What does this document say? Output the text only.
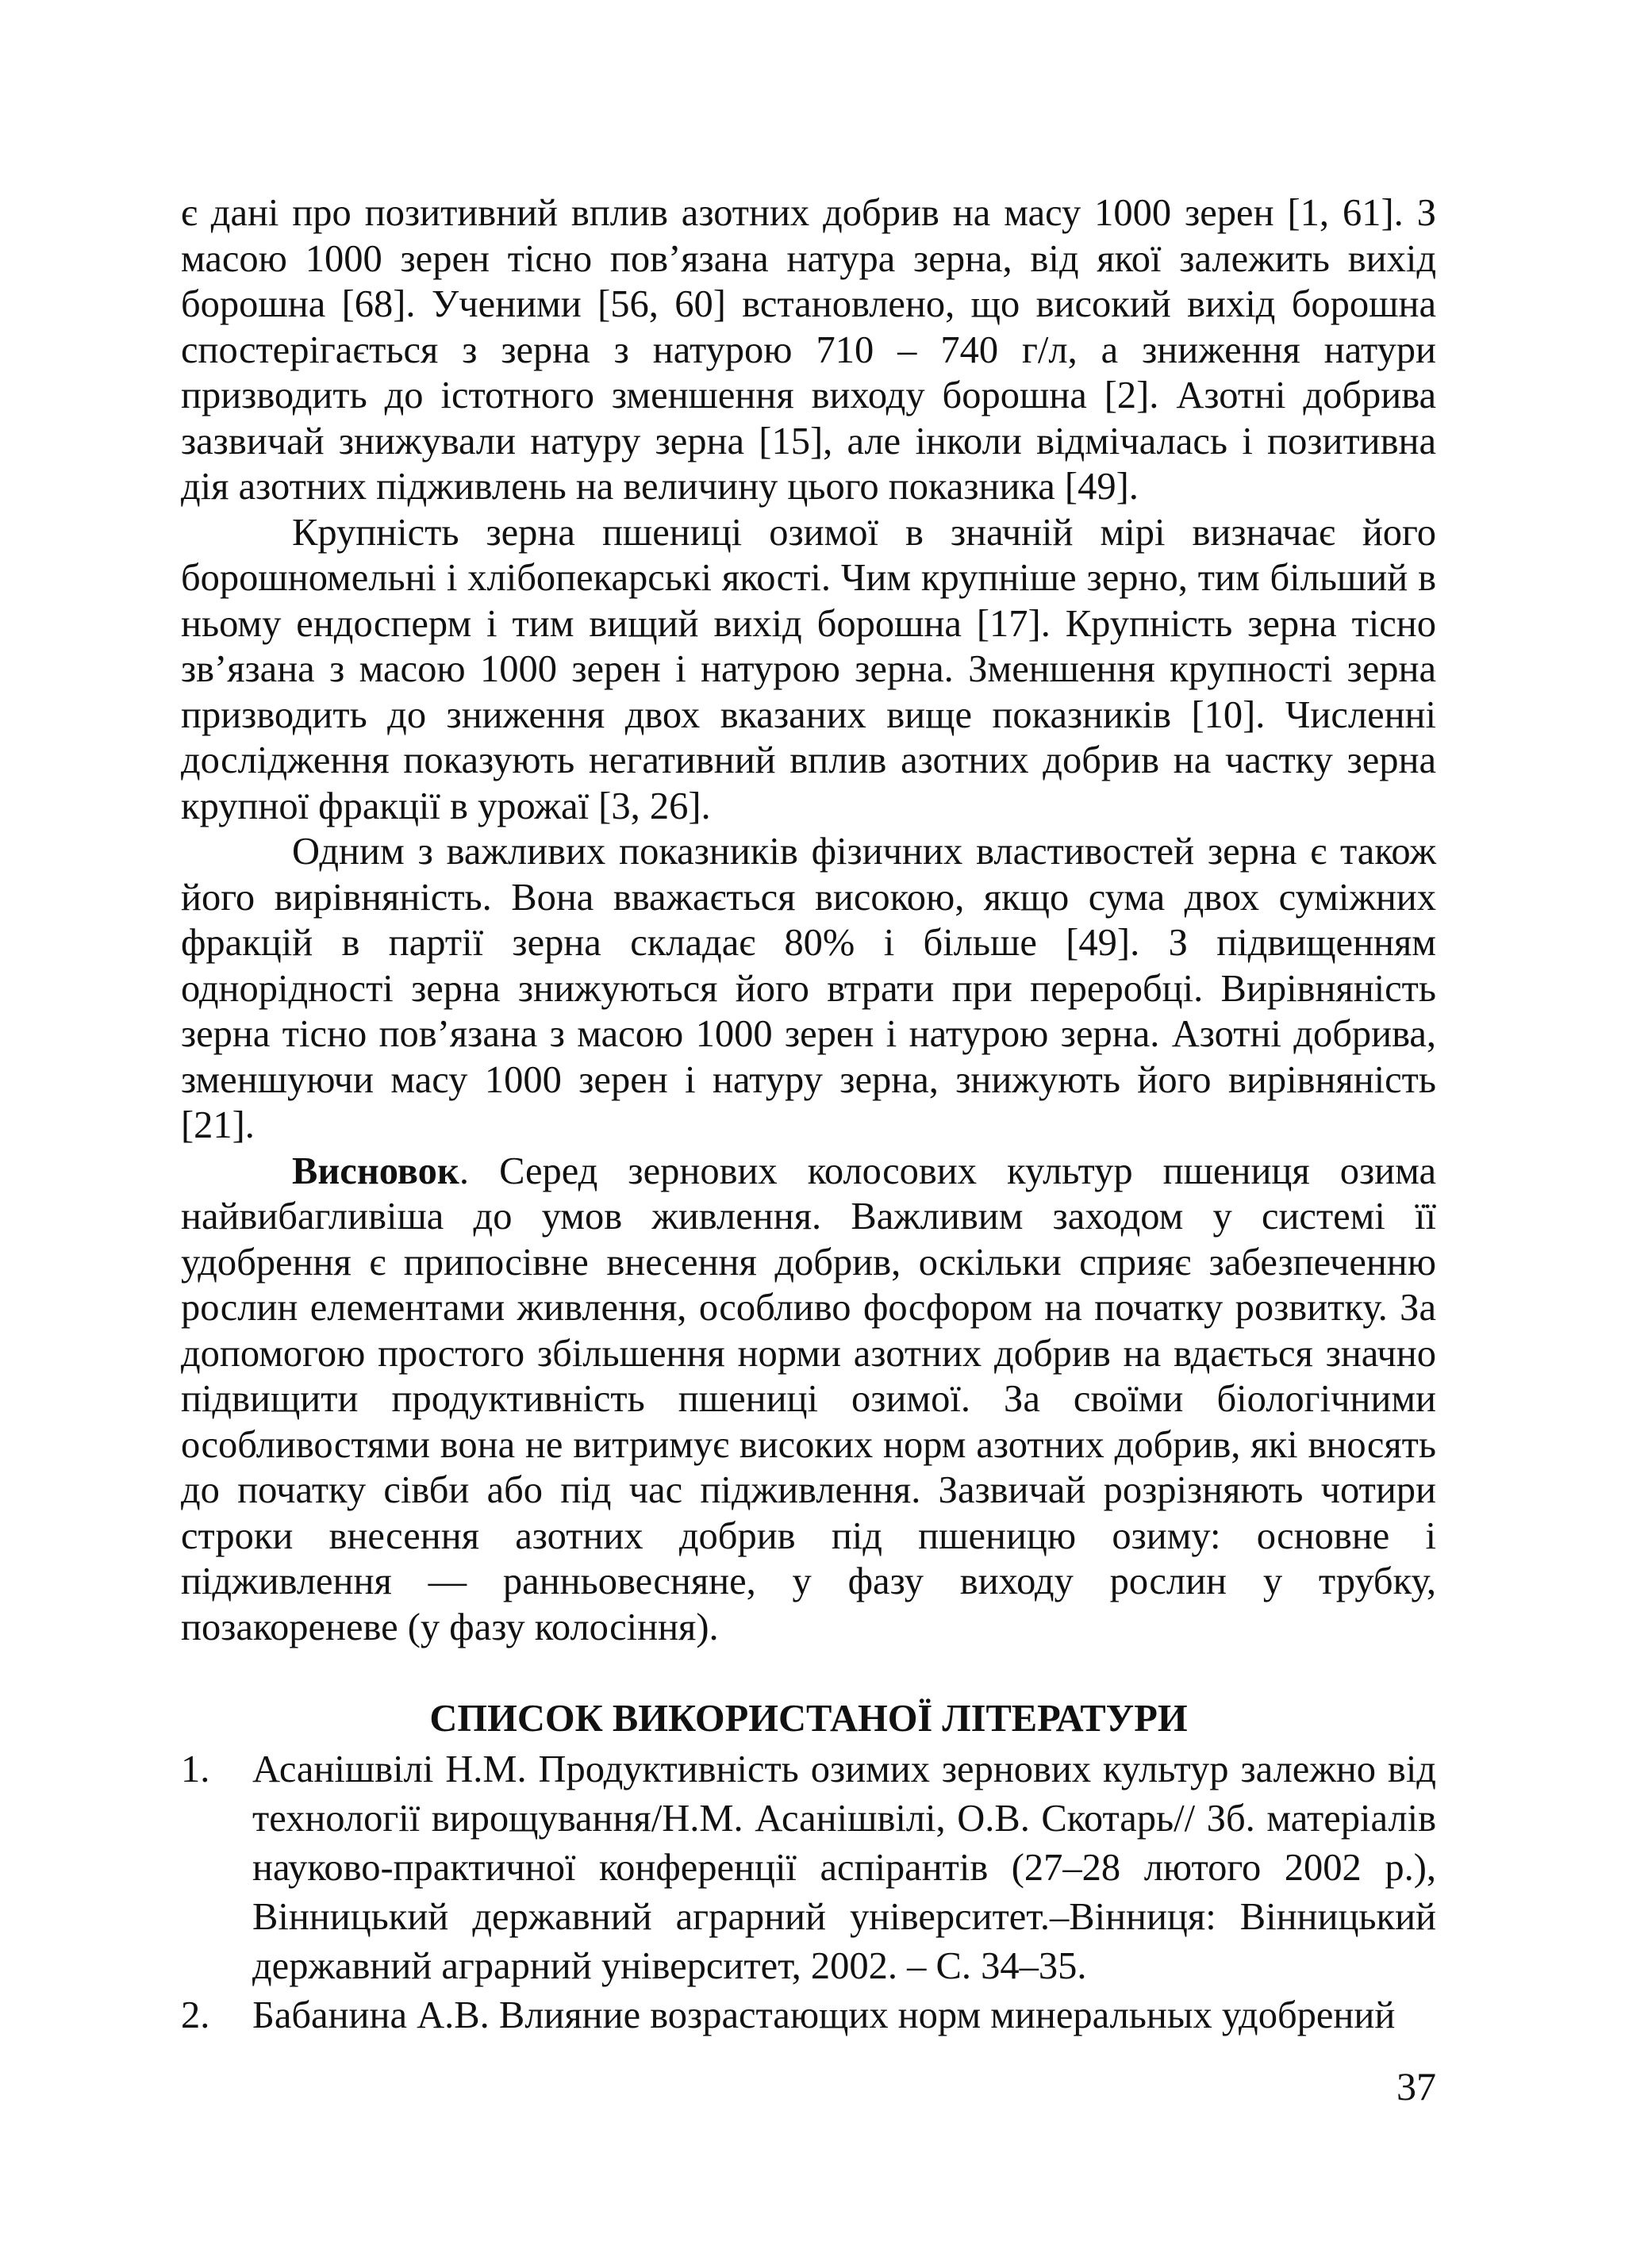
є дані про позитивний вплив азотних добрив на масу 1000 зерен [1, 61]. З масою 1000 зерен тісно пов’язана натура зерна, від якої залежить вихід борошна [68]. Ученими [56, 60] встановлено, що високий вихід борошна спостерігається з зерна з натурою 710 – 740 г/л, а зниження натури призводить до істотного зменшення виходу борошна [2]. Азотні добрива зазвичай знижували натуру зерна [15], але інколи відмічалась і позитивна дія азотних підживлень на величину цього показника [49].

Крупність зерна пшениці озимої в значній мірі визначає його борошномельні і хлібопекарські якості. Чим крупніше зерно, тим більший в ньому ендосперм і тим вищий вихід борошна [17]. Крупність зерна тісно зв’язана з масою 1000 зерен і натурою зерна. Зменшення крупності зерна призводить до зниження двох вказаних вище показників [10]. Численні дослідження показують негативний вплив азотних добрив на частку зерна крупної фракції в урожаї [3, 26].

Одним з важливих показників фізичних властивостей зерна є також його вирівняність. Вона вважається високою, якщо сума двох суміжних фракцій в партії зерна складає 80% і більше [49]. З підвищенням однорідності зерна знижуються його втрати при переробці. Вирівняність зерна тісно пов’язана з масою 1000 зерен і натурою зерна. Азотні добрива, зменшуючи масу 1000 зерен і натуру зерна, знижують його вирівняність [21].

Висновок. Серед зернових колосових культур пшениця озима найвибагливіша до умов живлення. Важливим заходом у системі її удобрення є припосівне внесення добрив, оскільки сприяє забезпеченню рослин елементами живлення, особливо фосфором на початку розвитку. За допомогою простого збільшення норми азотних добрив на вдається значно підвищити продуктивність пшениці озимої. За своїми біологічними особливостями вона не витримує високих норм азотних добрив, які вносять до початку сівби або під час підживлення. Зазвичай розрізняють чотири строки внесення азотних добрив під пшеницю озиму: основне і підживлення — ранньовесняне, у фазу виходу рослин у трубку, позакореневе (у фазу колосіння).

СПИСОК ВИКОРИСТАНОЇ ЛІТЕРАТУРИ
1. Асанішвілі Н.М. Продуктивність озимих зернових культур залежно від технології вирощування/Н.М. Асанішвілі, О.В. Скотарь// Зб. матеріалів науково-практичної конференції аспірантів (27–28 лютого 2002 р.), Вінницький державний аграрний університет.–Вінниця: Вінницький державний аграрний університет, 2002. – С. 34–35.
2. Бабанина А.В. Влияние возрастающих норм минеральных удобрений
37
